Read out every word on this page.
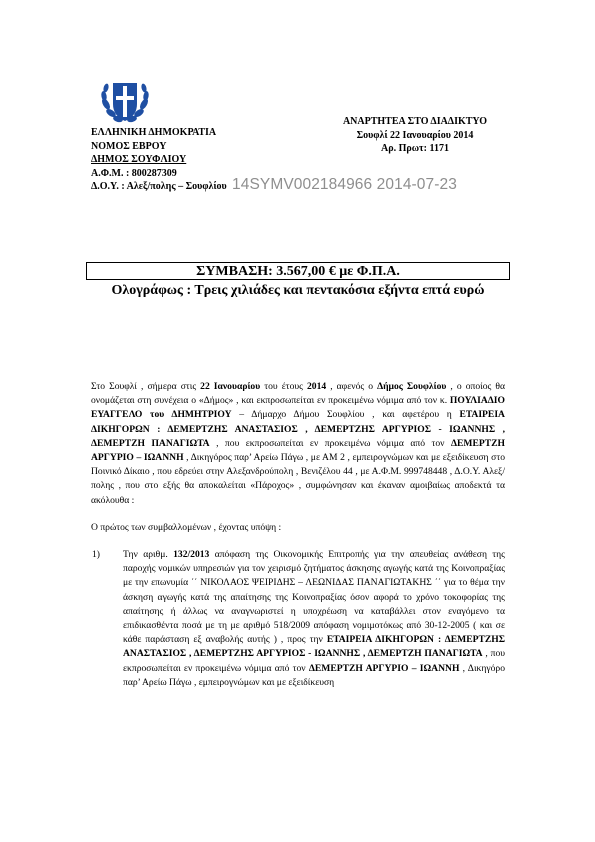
ΕΛΛΗΝΙΚΗ ΔΗΜΟΚΡΑΤΙΑ
ΝΟΜΟΣ ΕΒΡΟΥ
ΔΗΜΟΣ ΣΟΥΦΛΙΟΥ
Α.Φ.Μ. : 800287309
Δ.Ο.Υ. : Αλεξ/πολης – Σουφλίου
ΑΝΑΡΤΗΤΕΑ ΣΤΟ ΔΙΑΔΙΚΤΥΟ
Σουφλί 22 Ιανουαρίου 2014
Αρ. Πρωτ: 1171
14SYMV002184966 2014-07-23
ΣΥΜΒΑΣΗ: 3.567,00 € με Φ.Π.Α.
Ολογράφως : Τρεις χιλιάδες και πεντακόσια εξήντα επτά ευρώ

Στο Σουφλί , σήμερα στις 22 Ιανουαρίου του έτους 2014 , αφενός ο Δήμος Σουφλίου , ο οποίος θα ονομάζεται στη συνέχεια ο «Δήμος» , και εκπροσωπείται εν προκειμένω νόμιμα από τον κ. ΠΟΥΛΙΑΔΙΟ ΕΥΑΓΓΕΛΟ του ΔΗΜΗΤΡΙΟΥ – Δήμαρχο Δήμου Σουφλίου , και αφετέρου η ΕΤΑΙΡΕΙΑ ΔΙΚΗΓΟΡΩΝ : ΔΕΜΕΡΤΖΗΣ ΑΝΑΣΤΑΣΙΟΣ , ΔΕΜΕΡΤΖΗΣ ΑΡΓΥΡΙΟΣ - ΙΩΑΝΝΗΣ , ΔΕΜΕΡΤΖΗ ΠΑΝΑΓΙΩΤΑ , που εκπροσωπείται εν προκειμένω νόμιμα από τον ΔΕΜΕΡΤΖΗ ΑΡΓΥΡΙΟ – ΙΩΑΝΝΗ , Δικηγόρος παρ’ Αρείω Πάγω , με ΑΜ 2 , εμπειρογνώμων και με εξειδίκευση στο Ποινικό Δίκαιο , που εδρεύει στην Αλεξανδρούπολη , Βενιζέλου 44 , με Α.Φ.Μ. 999748448 , Δ.Ο.Υ. Αλεξ/πολης , που στο εξής θα αποκαλείται «Πάροχος» , συμφώνησαν και έκαναν αμοιβαίως αποδεκτά τα ακόλουθα :

Ο πρώτος των συμβαλλομένων , έχοντας υπόψη :

1)	Την αριθμ. 132/2013 απόφαση της Οικονομικής Επιτροπής για την απευθείας ανάθεση της παροχής νομικών υπηρεσιών για τον χειρισμό ζητήματος άσκησης αγωγής κατά της Κοινοπραξίας με την επωνυμία ΄΄ ΝΙΚΟΛΑΟΣ ΨΕΙΡΙΔΗΣ – ΛΕΩΝΙΔΑΣ ΠΑΝΑΓΙΩΤΑΚΗΣ ΄΄ για το θέμα την άσκηση αγωγής κατά της απαίτησης της Κοινοπραξίας όσον αφορά το χρόνο τοκοφορίας της απαίτησης ή άλλως να αναγνωριστεί η υποχρέωση να καταβάλλει στον εναγόμενο τα επιδικασθέντα ποσά με τη με αριθμό 518/2009 απόφαση νομιμοτόκως από 30-12-2005 ( και σε κάθε παράσταση εξ αναβολής αυτής ) , προς την ΕΤΑΙΡΕΙΑ ΔΙΚΗΓΟΡΩΝ : ΔΕΜΕΡΤΖΗΣ ΑΝΑΣΤΑΣΙΟΣ , ΔΕΜΕΡΤΖΗΣ ΑΡΓΥΡΙΟΣ - ΙΩΑΝΝΗΣ , ΔΕΜΕΡΤΖΗ ΠΑΝΑΓΙΩΤΑ , που εκπροσωπείται εν προκειμένω νόμιμα από τον ΔΕΜΕΡΤΖΗ ΑΡΓΥΡΙΟ – ΙΩΑΝΝΗ , Δικηγόρο παρ’ Αρείω Πάγω , εμπειρογνώμων και με εξειδίκευση
